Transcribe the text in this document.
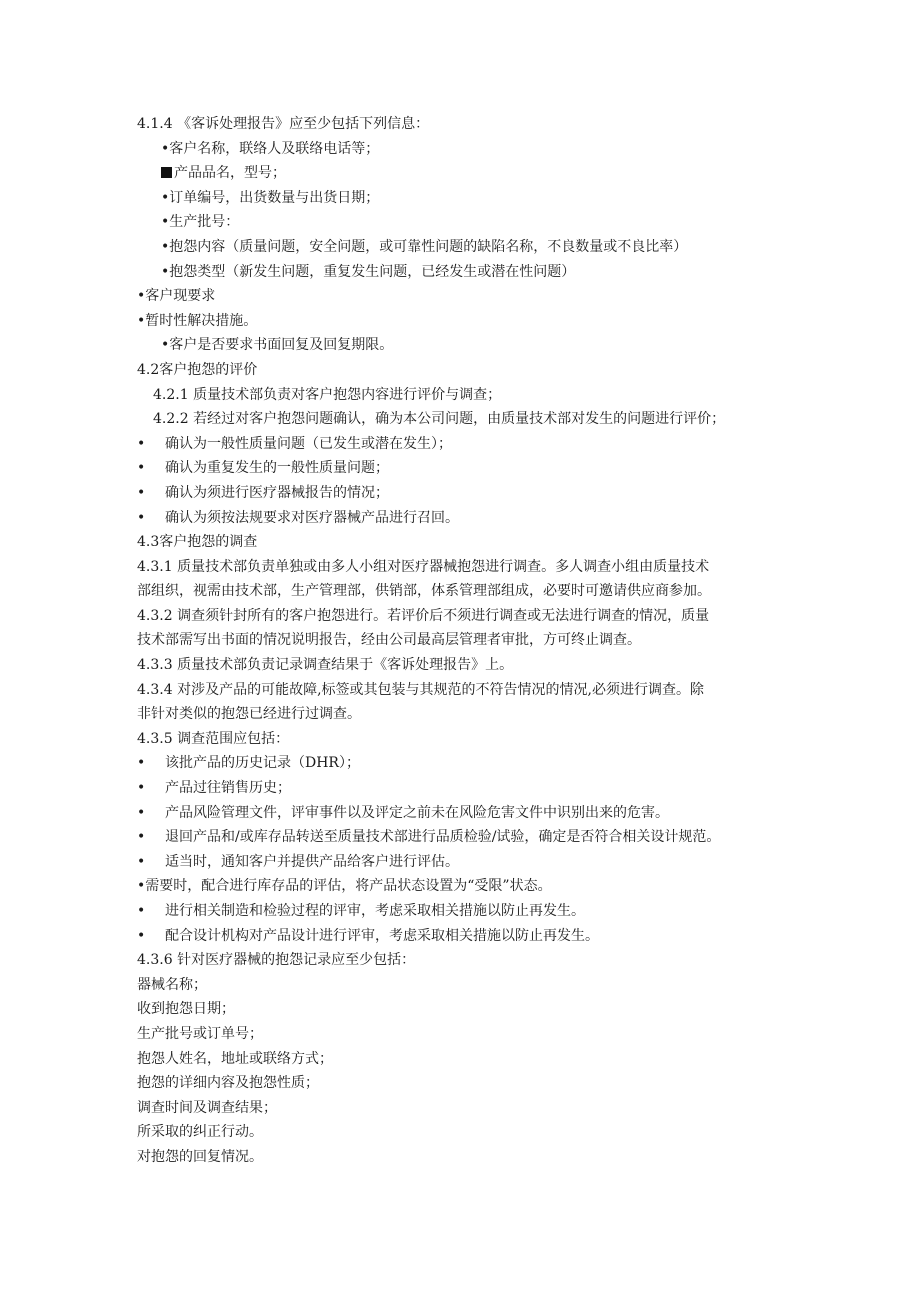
4.1.4 《客诉处理报告》应至少包括下列信息：
•客户名称，联络人及联络电话等；
产品品名，型号；
•订单编号，出货数量与出货日期；
•生产批号：
•抱怨内容（质量问题，安全问题，或可靠性问题的缺陷名称，不良数量或不良比率）
•抱怨类型（新发生问题，重复发生问题，已经发生或潜在性问题）
•客户现要求
•暂时性解决措施。
•客户是否要求书面回复及回复期限。
4.2客户抱怨的评价
4.2.1 质量技术部负责对客户抱怨内容进行评价与调查；
4.2.2 若经过对客户抱怨问题确认，确为本公司问题，由质量技术部对发生的问题进行评价；
• 确认为一般性质量问题（已发生或潜在发生）；
• 确认为重复发生的一般性质量问题；
• 确认为须进行医疗器械报告的情况；
• 确认为须按法规要求对医疗器械产品进行召回。
4.3客户抱怨的调查
4.3.1 质量技术部负责单独或由多人小组对医疗器械抱怨进行调查。多人调查小组由质量技术
部组织，视需由技术部，生产管理部，供销部，体系管理部组成，必要时可邀请供应商参加。
4.3.2 调查须针封所有的客户抱怨进行。若评价后不须进行调查或无法进行调查的情况，质量
技术部需写出书面的情况说明报告，经由公司最高层管理者审批，方可终止调查。
4.3.3 质量技术部负责记录调查结果于《客诉处理报告》上。
4.3.4 对涉及产品的可能故障,标签或其包装与其规范的不符告情况的情况,必须进行调查。除
非针对类似的抱怨已经进行过调查。
4.3.5 调查范围应包括：
• 该批产品的历史记录（DHR）；
• 产品过往销售历史；
• 产品风险管理文件，评审事件以及评定之前未在风险危害文件中识别出来的危害。
• 退回产品和/或库存品转送至质量技术部进行品质检验/试验，确定是否符合相关设计规范。
• 适当时，通知客户并提供产品给客户进行评估。
•需要时，配合进行库存品的评估，将产品状态设置为“受限”状态。
• 进行相关制造和检验过程的评审，考虑采取相关措施以防止再发生。
• 配合设计机构对产品设计进行评审，考虑采取相关措施以防止再发生。
4.3.6 针对医疗器械的抱怨记录应至少包括：
器械名称；
收到抱怨日期；
生产批号或订单号；
抱怨人姓名，地址或联络方式；
抱怨的详细内容及抱怨性质；
调查时间及调查结果；
所采取的纠正行动。
对抱怨的回复情况。
